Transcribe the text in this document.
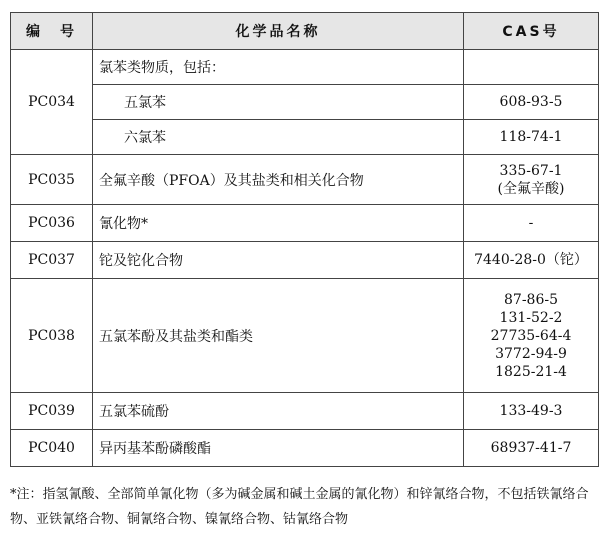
编　号	化学品名称	CAS号
PC034	氯苯类物质，包括：	
	五氯苯	608-93-5

	六氯苯	118-74-1

PC035	全氟辛酸（PFOA）及其盐类和相关化合物	335-67-1
(全氟辛酸)

PC036	氰化物*	-

PC037	铊及铊化合物	7440-28-0（铊）

PC038	五氯苯酚及其盐类和酯类	87-86-5
131-52-2
27735-64-4
3772-94-9
1825-21-4

PC039	五氯苯硫酚	133-49-3

PC040	异丙基苯酚磷酸酯	68937-41-7

*注：指氢氰酸、全部简单氰化物（多为碱金属和碱土金属的氰化物）和锌氰络合物，不包括铁氰络合物、亚铁氰络合物、铜氰络合物、镍氰络合物、钴氰络合物
